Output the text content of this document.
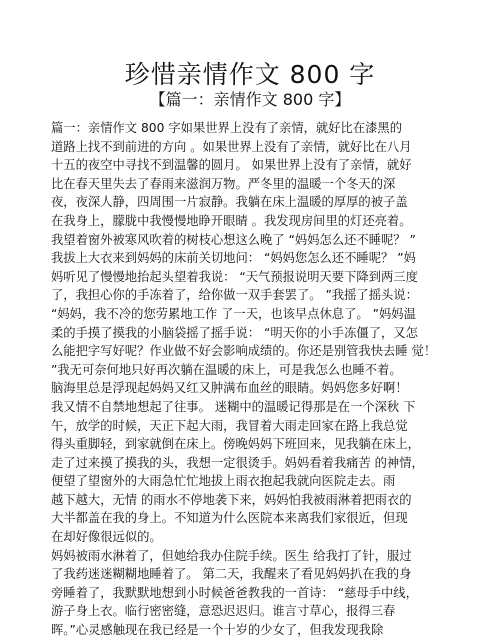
珍惜亲情作文 800 字
【篇一：亲情作文 800 字】
篇一：亲情作文 800 字如果世界上没有了亲情，就好比在漆黑的
道路上找不到前进的方向 。如果世界上没有了亲情，就好比在八月
十五的夜空中寻找不到温馨的圆月。 如果世界上没有了亲情，就好
比在春天里失去了春雨来滋润万物。严冬里的温暖一个冬天的深
夜，夜深人静，四周围一片寂静。我躺在床上温暖的厚厚的被子盖
在我身上，朦胧中我慢慢地睁开眼睛 。我发现房间里的灯还亮着。
我望着窗外被寒风吹着的树枝心想这么晚了 “妈妈怎么还不睡呢？ ”
我拔上大衣来到妈妈的床前关切地问： “妈妈您怎么还不睡呢？ ”妈
妈听见了慢慢地抬起头望着我说： “天气预报说明天要下降到两三度
了，我担心你的手冻着了，给你做一双手套罢了。 ”我摇了摇头说：
“妈妈，我不冷的您劳累地工作 了一天，也该早点休息了。 ”妈妈温
柔的手摸了摸我的小脑袋摇了摇手说： “明天你的小手冻僵了，又怎
么能把字写好呢？作业做不好会影响成绩的。你还是别管我快去睡 觉！
”我无可奈何地只好再次躺在温暖的床上，可是我怎么也睡不着。
脑海里总是浮现起妈妈又红又肿满布血丝的眼睛。妈妈您多好啊！
我又情不自禁地想起了往事。 迷糊中的温暖记得那是在一个深秋 下
午，放学的时候，天正下起大雨，我冒着大雨走回家在路上我总觉
得头重脚轻，到家就倒在床上。傍晚妈妈下班回来，见我躺在床上，
走了过来摸了摸我的头，我想一定很烫手。妈妈看着我痛苦 的神情，
便望了望窗外的大雨急忙忙地拔上雨衣抱起我就向医院走去。雨
越下越大，无情 的雨水不停地袭下来，妈妈怕我被雨淋着把雨衣的
大半都盖在我的身上。不知道为什么医院本来离我们家很近，但现
在却好像很远似的。
妈妈被雨水淋着了，但她给我办住院手续。医生 给我打了针，服过
了我药迷迷糊糊地睡着了。 第二天，我醒来了看见妈妈扒在我的身
旁睡着了，我默默地想到小时候爸爸教我的一首诗： “慈母手中线，
游子身上衣。临行密密缝，意恐迟迟归。谁言寸草心，报得三春
晖。”心灵感触现在我已经是一个十岁的少女了，但我发现我除
